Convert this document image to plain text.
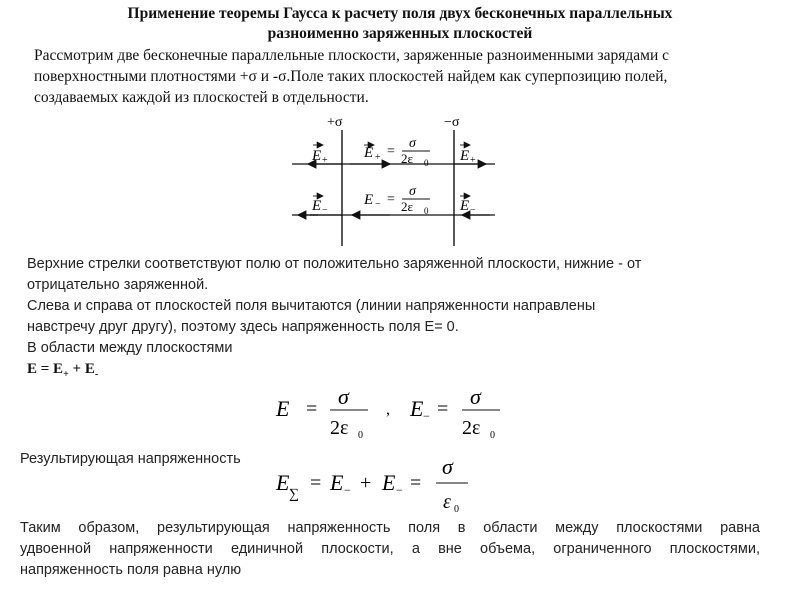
Применение теоремы Гаусса к расчету поля двух бесконечных параллельных
разноименно заряженных плоскостей
Рассмотрим две бесконечные параллельные плоскости, заряженные разноименными зарядами с
поверхностными плотностями +σ и -σ.Поле таких плоскостей найдем как суперпозицию полей,
создаваемых каждой из плоскостей в отдельности.
+σ	−σ
E + E + =
σ
2ε 0 E +
E −
E − =
σ
2ε 0 E −
Верхние стрелки соответствуют полю от положительно заряженной плоскости, нижние - от
отрицательно заряженной.
Слева и справа от плоскостей поля вычитаются (линии напряженности направлены
навстречу друг другу), поэтому здесь напряженность поля E= 0.
В области между плоскостями
$E = E_+ + E_-$
E = σ
2ε 0
, E − = σ
2ε 0
Результирующая напряженность
E ∑
= E − + E − =
σ
ε 0
Таким образом, результирующая напряженность поля в области между плоскостями равна
удвоенной напряженности единичной плоскости, а вне объема, ограниченного плоскостями,
напряженность поля равна нулю
